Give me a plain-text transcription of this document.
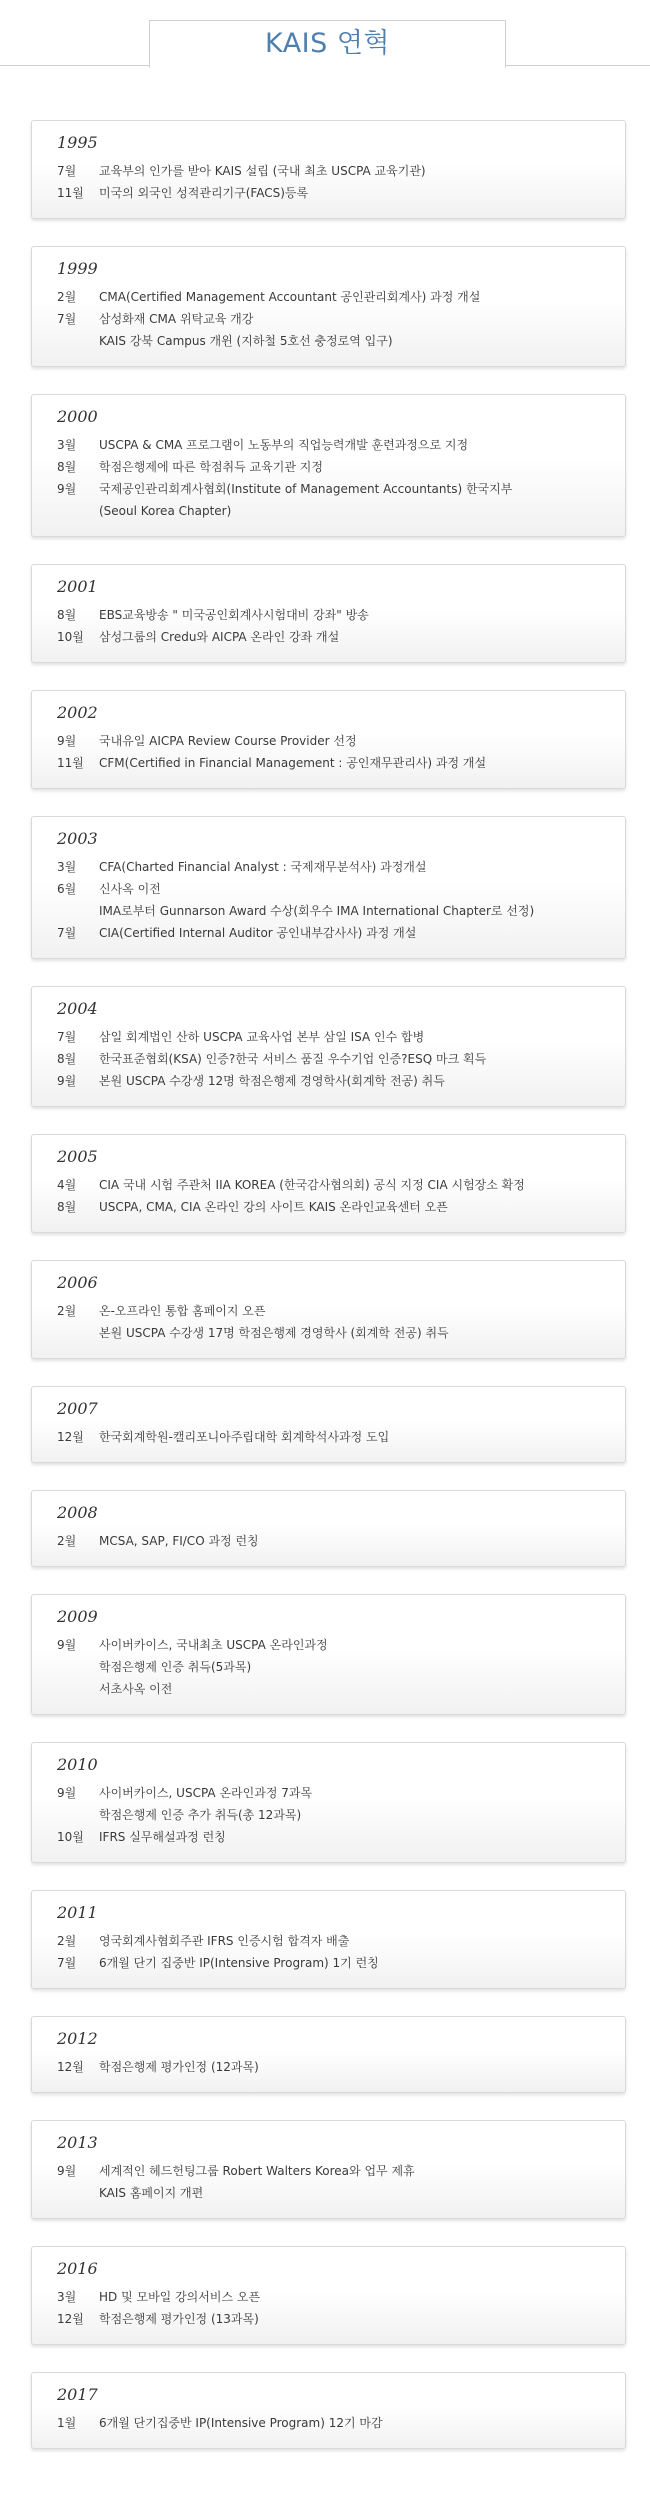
KAIS 연혁
1995
7월	교육부의 인가를 받아 KAIS 설립 (국내 최초 USCPA 교육기관)
11월	미국의 외국인 성적관리기구(FACS)등록
1999
2월	CMA(Certified Management Accountant 공인관리회계사) 과정 개설
7월	삼성화재 CMA 위탁교육 개강
KAIS 강북 Campus 개윈 (지하철 5호선 충정로역 입구)
2000
3월	USCPA & CMA 프로그램이 노동부의 직업능력개발 훈련과정으로 지정
8월	학점은행제에 따른 학점취득 교육기관 지정
9월	국제공인관리회계사협회(Institute of Management Accountants) 한국지부
(Seoul Korea Chapter)
2001
8월	EBS교육방송 " 미국공인회계사시험대비 강좌" 방송
10월	삼성그룹의 Credu와 AICPA 온라인 강좌 개설
2002
9월	국내유일 AICPA Review Course Provider 선정
11월	CFM(Certified in Financial Management : 공인재무관리사) 과정 개설
2003
3월	CFA(Charted Financial Analyst : 국제재무분석사) 과정개설
6월	신사옥 이전
IMA로부터 Gunnarson Award 수상(회우수 IMA International Chapter로 선정)
7월	CIA(Certified Internal Auditor 공인내부감사사) 과정 개설
2004
7월	삼일 회계법인 산하 USCPA 교육사업 본부 삼일 ISA 인수 합병
8월	한국표준협회(KSA) 인증?한국 서비스 품질 우수기업 인증?ESQ 마크 획득
9월	본원 USCPA 수강생 12명 학점은행제 경영학사(회계학 전공) 취득
2005
4월	CIA 국내 시험 주관처 IIA KOREA (한국감사협의회) 공식 지정 CIA 시험장소 확정
8월	USCPA, CMA, CIA 온라인 강의 사이트 KAIS 온라인교육센터 오픈
2006
2월	온-오프라인 통합 홈페이지 오픈
본원 USCPA 수강생 17명 학점은행제 경영학사 (회계학 전공) 취득
2007
12월	한국회계학원-캘리포니아주립대학 회계학석사과정 도입
2008
2월	MCSA, SAP, FI/CO 과정 런칭
2009
9월	사이버카이스, 국내최초 USCPA 온라인과정
학점은행제 인증 취득(5과목)
서초사옥 이전
2010
9월	사이버카이스, USCPA 온라인과정 7과목
학점은행제 인증 추가 취득(총 12과목)
10월	IFRS 실무해설과정 런칭
2011
2월	영국회계사협회주관 IFRS 인증시험 합격자 배출
7월	6개월 단기 집중반 IP(Intensive Program) 1기 런칭
2012
12월	학점은행제 평가인정 (12과목)
2013
9월	세계적인 헤드헌팅그룹 Robert Walters Korea와 업무 제휴
KAIS 홈페이지 개편
2016
3월	HD 및 모바일 강의서비스 오픈
12월	학점은행제 평가인정 (13과목)
2017
1월	6개월 단기집중반 IP(Intensive Program) 12기 마감
